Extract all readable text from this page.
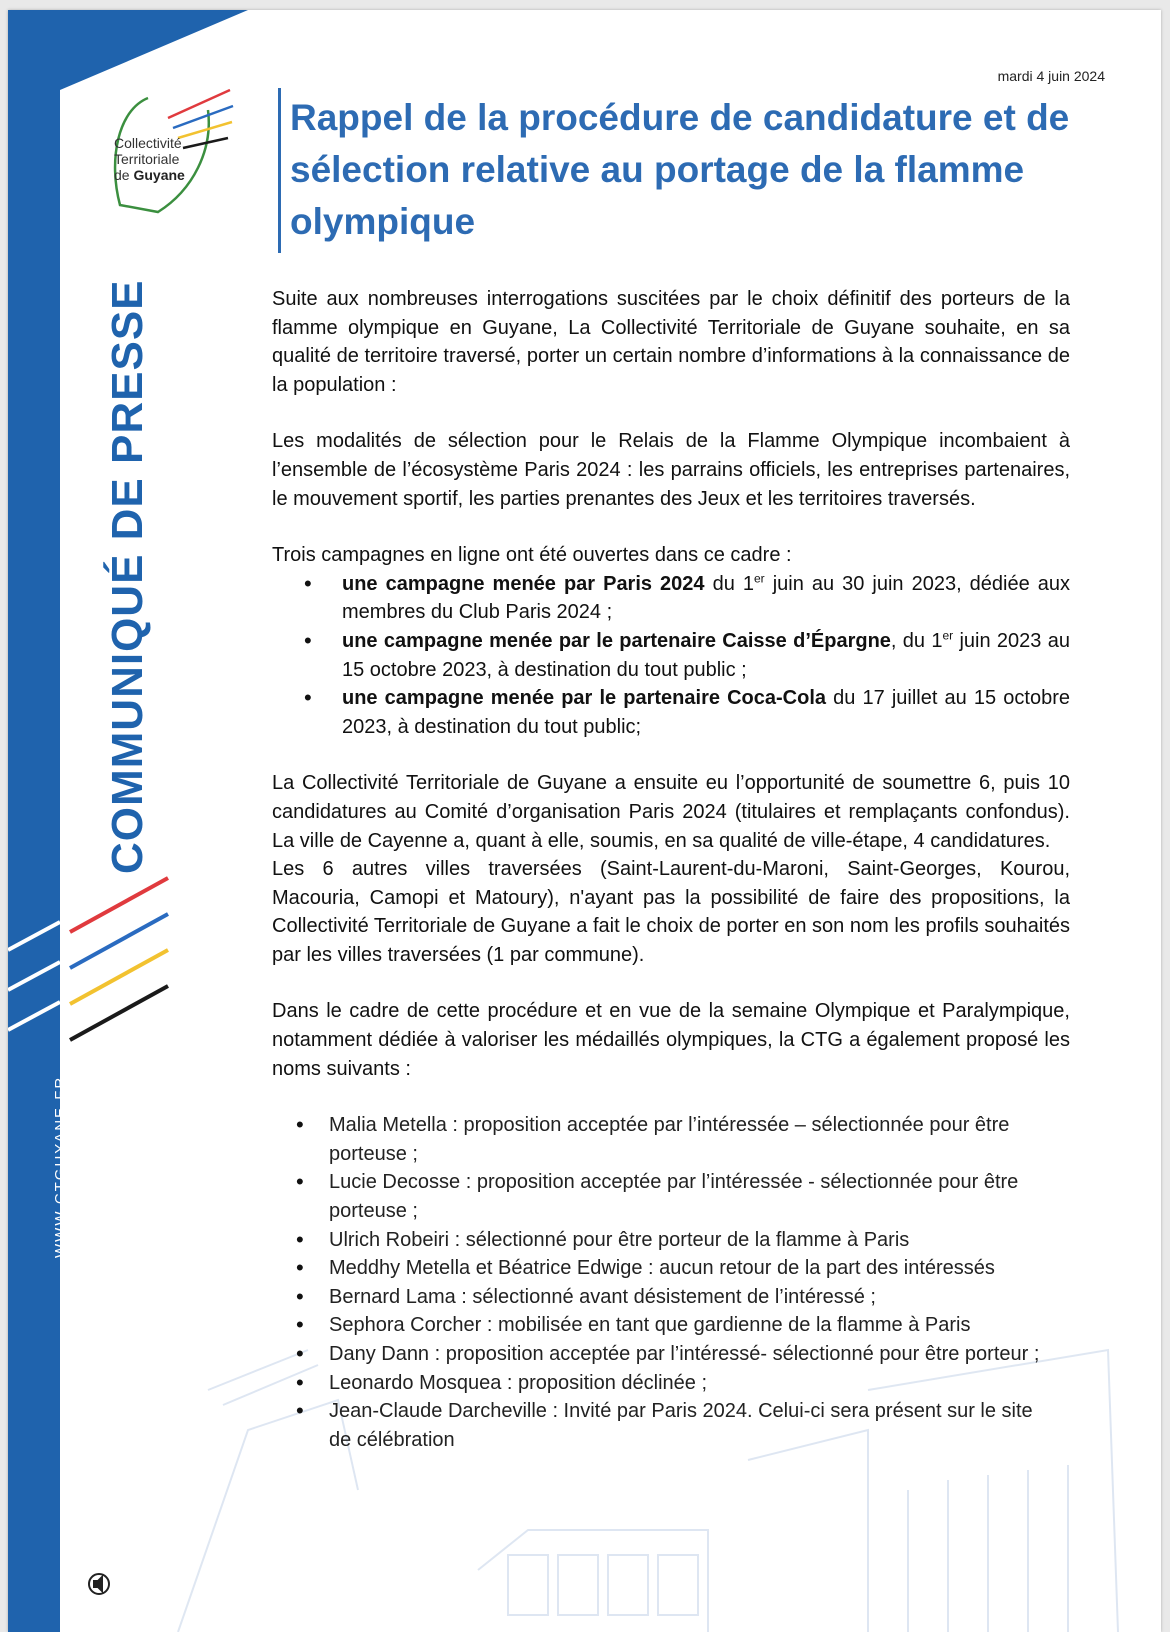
Collectivité
Territoriale
de Guyane
COMMUNIQUÉ DE PRESSE
WWW.CTGUYANE.FR +594 594 300 600
Hôtel de la CTG 4179 route de Montabo 97300 CAYENNE
mardi 4 juin 2024
Rappel de la procédure de candidature et de sélection relative au portage de la flamme olympique

Suite aux nombreuses interrogations suscitées par le choix définitif des porteurs de la flamme olympique en Guyane, La Collectivité Territoriale de Guyane souhaite, en sa qualité de territoire traversé, porter un certain nombre d’informations à la connaissance de la population :

Les modalités de sélection pour le Relais de la Flamme Olympique incombaient à l’ensemble de l’écosystème Paris 2024 : les parrains officiels, les entreprises partenaires, le mouvement sportif, les parties prenantes des Jeux et les territoires traversés.

Trois campagnes en ligne ont été ouvertes dans ce cadre :

• une campagne menée par Paris 2024 du 1er juin au 30 juin 2023, dédiée aux membres du Club Paris 2024 ;
• une campagne menée par le partenaire Caisse d’Épargne, du 1er juin 2023 au 15 octobre 2023, à destination du tout public ;
• une campagne menée par le partenaire Coca-Cola du 17 juillet au 15 octobre 2023, à destination du tout public;

La Collectivité Territoriale de Guyane a ensuite eu l’opportunité de soumettre 6, puis 10 candidatures au Comité d’organisation Paris 2024 (titulaires et remplaçants confondus). La ville de Cayenne a, quant à elle, soumis, en sa qualité de ville-étape, 4 candidatures.

Les 6 autres villes traversées (Saint-Laurent-du-Maroni, Saint-Georges, Kourou, Macouria, Camopi et Matoury), n'ayant pas la possibilité de faire des propositions, la Collectivité Territoriale de Guyane a fait le choix de porter en son nom les profils souhaités par les villes traversées (1 par commune).

Dans le cadre de cette procédure et en vue de la semaine Olympique et Paralympique, notamment dédiée à valoriser les médaillés olympiques, la CTG a également proposé les noms suivants :

• Malia Metella : proposition acceptée par l’intéressée – sélectionnée pour être porteuse ;
• Lucie Decosse : proposition acceptée par l’intéressée - sélectionnée pour être porteuse ;
• Ulrich Robeiri : sélectionné pour être porteur de la flamme à Paris
• Meddhy Metella et Béatrice Edwige : aucun retour de la part des intéressés
• Bernard Lama : sélectionné avant désistement de l’intéressé ;
• Sephora Corcher : mobilisée en tant que gardienne de la flamme à Paris
• Dany Dann : proposition acceptée par l’intéressé- sélectionné pour être porteur ;
• Leonardo Mosquea : proposition déclinée ;
• Jean-Claude Darcheville : Invité par Paris 2024. Celui-ci sera présent sur le site de célébration
